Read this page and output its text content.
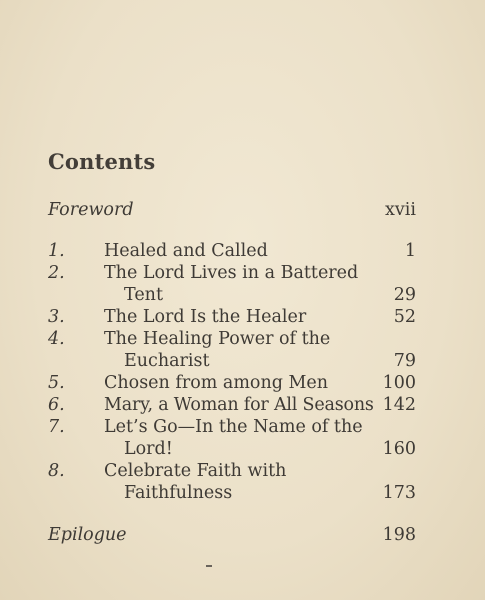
Contents
Foreword	xvii
1. Healed and Called	1
2. The Lord Lives in a Battered
Tent	29
3. The Lord Is the Healer	52
4. The Healing Power of the
Eucharist	79
5. Chosen from among Men	100
6. Mary, a Woman for All Seasons 142
7. Let’s Go—In the Name of the
Lord!	160
8. Celebrate Faith with
Faithfulness	173
Epilogue	198
